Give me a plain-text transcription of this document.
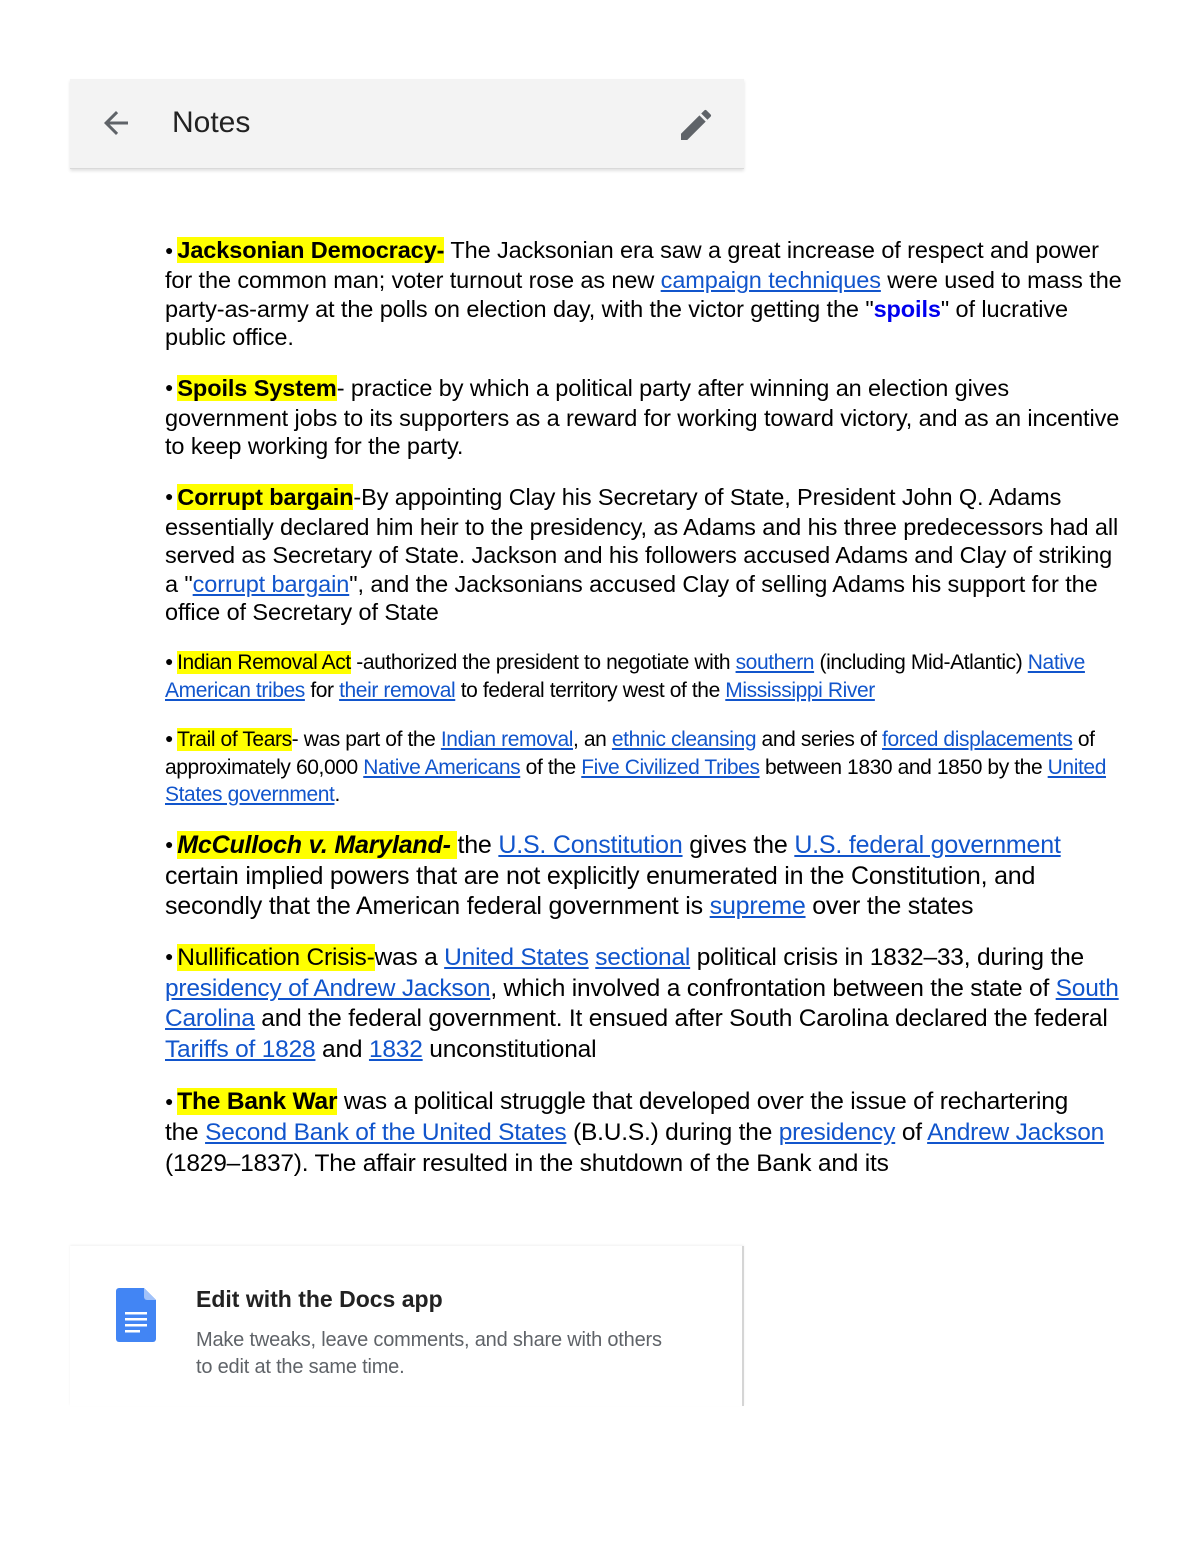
Notes
● Jacksonian Democracy- The Jacksonian era saw a great increase of respect and power for the common man; voter turnout rose as new campaign techniques were used to mass the party-as-army at the polls on election day, with the victor getting the "spoils" of lucrative public office.
● Spoils System- practice by which a political party after winning an election gives government jobs to its supporters as a reward for working toward victory, and as an incentive to keep working for the party.
● Corrupt bargain-By appointing Clay his Secretary of State, President John Q. Adams essentially declared him heir to the presidency, as Adams and his three predecessors had all served as Secretary of State. Jackson and his followers accused Adams and Clay of striking a "corrupt bargain", and the Jacksonians accused Clay of selling Adams his support for the office of Secretary of State
● Indian Removal Act -authorized the president to negotiate with southern (including Mid-Atlantic) Native American tribes for their removal to federal territory west of the Mississippi River
● Trail of Tears- was part of the Indian removal, an ethnic cleansing and series of forced displacements of approximately 60,000 Native Americans of the Five Civilized Tribes between 1830 and 1850 by the United States government.
● McCulloch v. Maryland- the U.S. Constitution gives the U.S. federal government certain implied powers that are not explicitly enumerated in the Constitution, and secondly that the American federal government is supreme over the states
● Nullification Crisis-was a United States sectional political crisis in 1832–33, during the presidency of Andrew Jackson, which involved a confrontation between the state of South Carolina and the federal government. It ensued after South Carolina declared the federal Tariffs of 1828 and 1832 unconstitutional
● The Bank War was a political struggle that developed over the issue of rechartering
the Second Bank of the United States (B.U.S.) during the presidency of Andrew Jackson (1829–1837). The affair resulted in the shutdown of the Bank and its
Edit with the Docs app
Make tweaks, leave comments, and share with others to edit at the same time.
